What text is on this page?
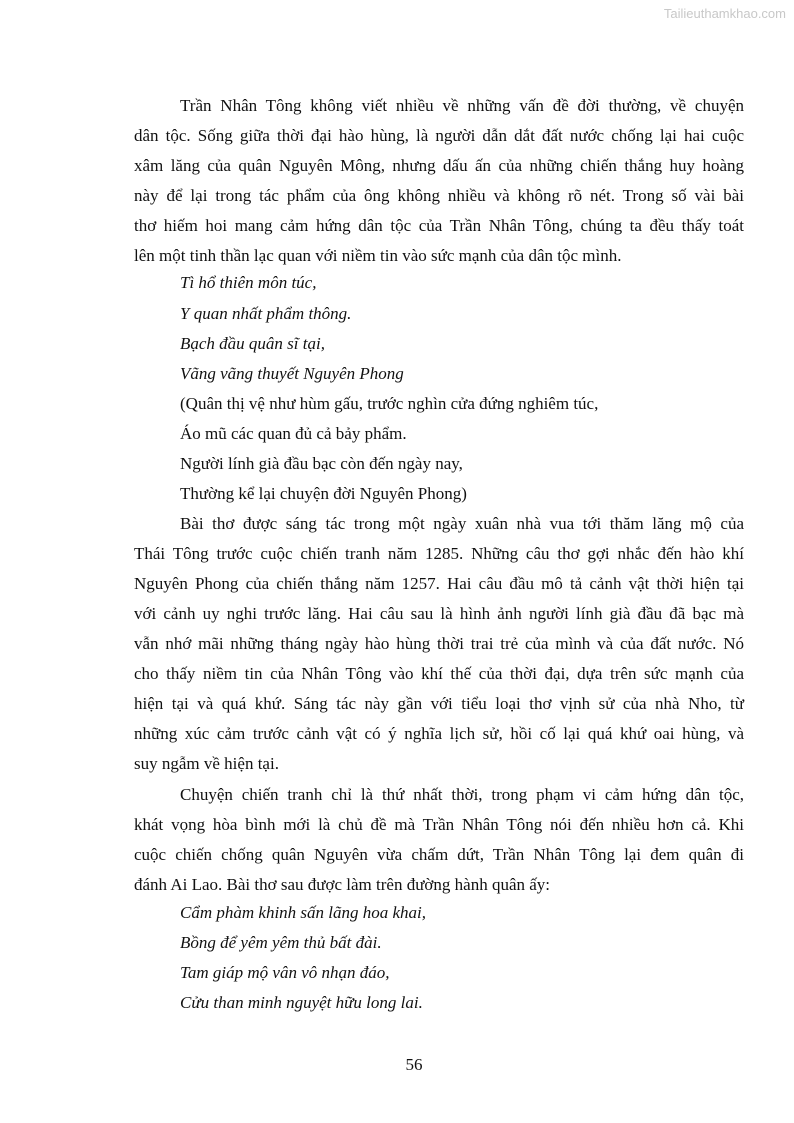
Tailieuthamkhao.com
Trần Nhân Tông không viết nhiều về những vấn đề đời thường, về chuyện
dân tộc. Sống giữa thời đại hào hùng, là người dẫn dắt đất nước chống lại hai cuộc
xâm lăng của quân Nguyên Mông, nhưng dấu ấn của những chiến thắng huy hoàng
này để lại trong tác phẩm của ông không nhiều và không rõ nét. Trong số vài bài
thơ hiếm hoi mang cảm hứng dân tộc của Trần Nhân Tông, chúng ta đều thấy toát
lên một tinh thần lạc quan với niềm tin vào sức mạnh của dân tộc mình.
Tì hổ thiên môn túc,
Y quan nhất phẩm thông.
Bạch đầu quân sĩ tại,
Vãng vãng thuyết Nguyên Phong
(Quân thị vệ như hùm gấu, trước nghìn cửa đứng nghiêm túc,
Áo mũ các quan đủ cả bảy phẩm.
Người lính già đầu bạc còn đến ngày nay,
Thường kể lại chuyện đời Nguyên Phong)
Bài thơ được sáng tác trong một ngày xuân nhà vua tới thăm lăng mộ của
Thái Tông trước cuộc chiến tranh năm 1285. Những câu thơ gợi nhắc đến hào khí
Nguyên Phong của chiến thắng năm 1257. Hai câu đầu mô tả cảnh vật thời hiện tại
với cảnh uy nghi trước lăng. Hai câu sau là hình ảnh người lính già đầu đã bạc mà
vẫn nhớ mãi những tháng ngày hào hùng thời trai trẻ của mình và của đất nước. Nó
cho thấy niềm tin của Nhân Tông vào khí thế của thời đại, dựa trên sức mạnh của
hiện tại và quá khứ. Sáng tác này gần với tiểu loại thơ vịnh sử của nhà Nho, từ
những xúc cảm trước cảnh vật có ý nghĩa lịch sử, hồi cố lại quá khứ oai hùng, và
suy ngẫm về hiện tại.
Chuyện chiến tranh chỉ là thứ nhất thời, trong phạm vi cảm hứng dân tộc,
khát vọng hòa bình mới là chủ đề mà Trần Nhân Tông nói đến nhiều hơn cả. Khi
cuộc chiến chống quân Nguyên vừa chấm dứt, Trần Nhân Tông lại đem quân đi
đánh Ai Lao. Bài thơ sau được làm trên đường hành quân ấy:
Cẩm phàm khinh sấn lãng hoa khai,
Bồng để yêm yêm thủ bất đài.
Tam giáp mộ vân vô nhạn đáo,
Cửu than minh nguyệt hữu long lai.
56
